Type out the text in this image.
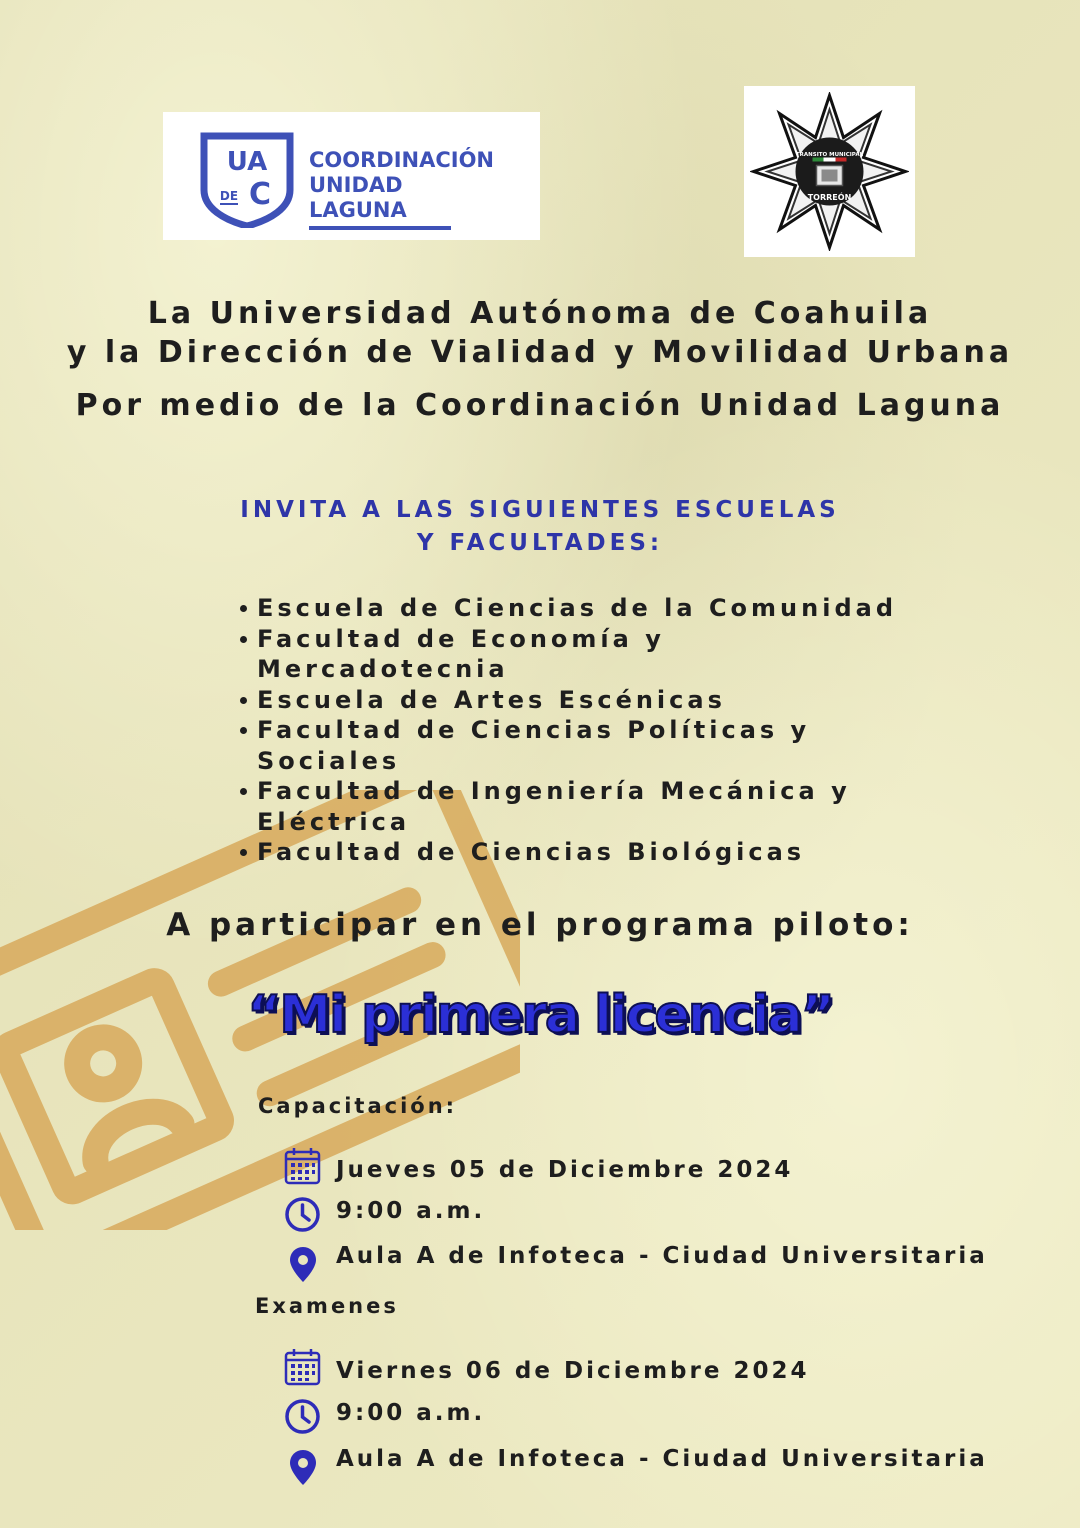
UA
DE C
COORDINACIÓN
UNIDAD
LAGUNA
TRANSITO MUNICIPAL
TORREÓN
La Universidad Autónoma de Coahuila
y la Dirección de Vialidad y Movilidad Urbana
Por medio de la Coordinación Unidad Laguna
INVITA A LAS SIGUIENTES ESCUELAS
Y FACULTADES:
Escuela de Ciencias de la Comunidad
Facultad de Economía y Mercadotecnia
Escuela de Artes Escénicas
Facultad de Ciencias Políticas y Sociales
Facultad de Ingeniería Mecánica y Eléctrica
Facultad de Ciencias Biológicas
A participar en el programa piloto:
“Mi primera licencia”
Capacitación:
Jueves 05 de Diciembre 2024
9:00 a.m.
Aula A de Infoteca - Ciudad Universitaria
Examenes
Viernes 06 de Diciembre 2024
9:00 a.m.
Aula A de Infoteca - Ciudad Universitaria
